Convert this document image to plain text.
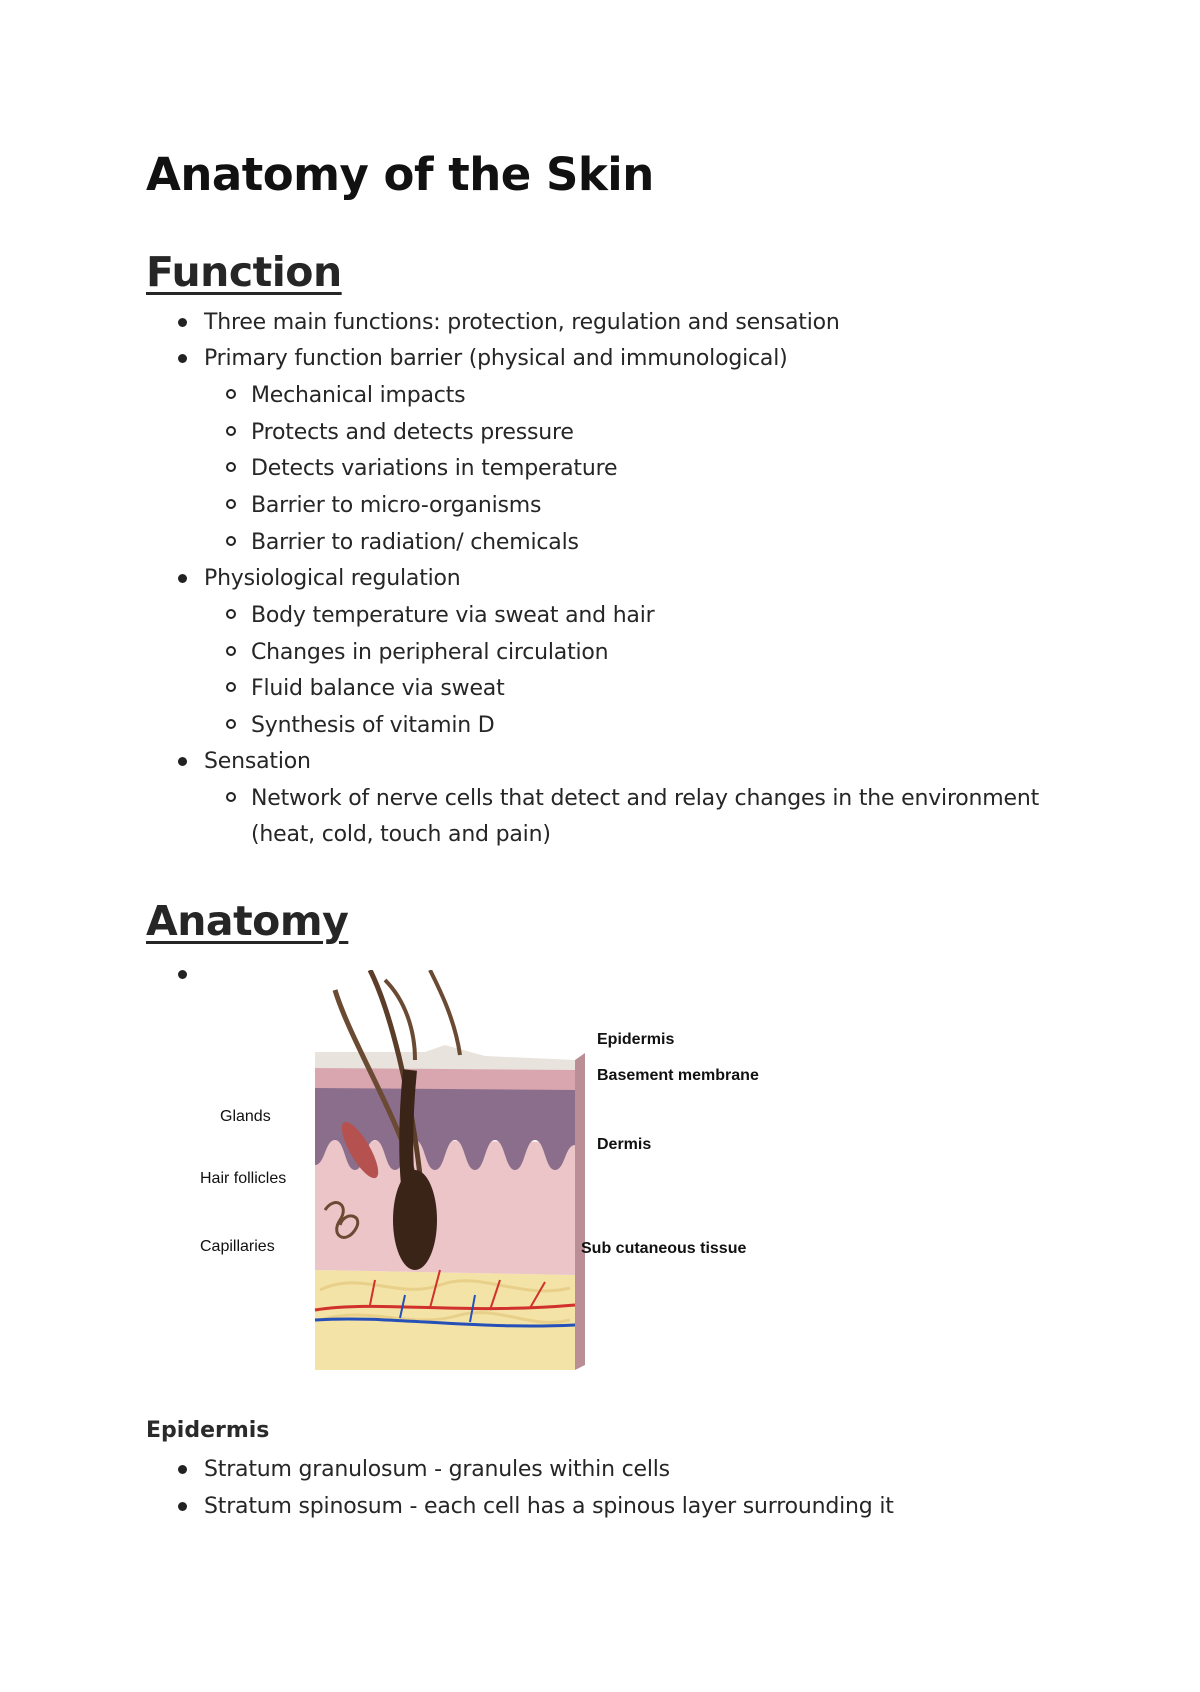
Anatomy of the Skin
Function
Three main functions: protection, regulation and sensation
Primary function barrier (physical and immunological)
Mechanical impacts
Protects and detects pressure
Detects variations in temperature
Barrier to micro-organisms
Barrier to radiation/ chemicals
Physiological regulation
Body temperature via sweat and hair
Changes in peripheral circulation
Fluid balance via sweat
Synthesis of vitamin D
Sensation
Network of nerve cells that detect and relay changes in the environment
(heat, cold, touch and pain)
Anatomy
Glands
Hair follicles
Capillaries
Epidermis
Basement membrane
Dermis
Sub cutaneous tissue
Epidermis
Stratum granulosum - granules within cells
Stratum spinosum - each cell has a spinous layer surrounding it
